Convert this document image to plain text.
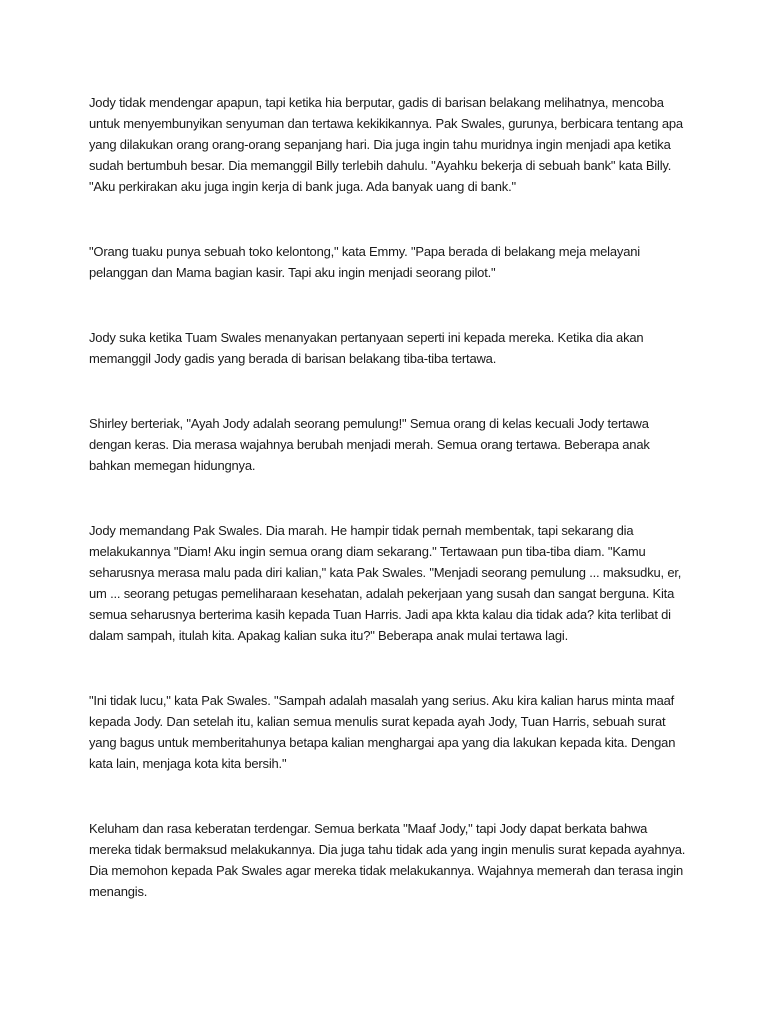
Jody tidak mendengar apapun, tapi ketika hia berputar, gadis di barisan belakang melihatnya, mencoba untuk menyembunyikan senyuman dan tertawa kekikikannya. Pak Swales, gurunya, berbicara tentang apa yang dilakukan orang orang-orang sepanjang hari. Dia juga ingin tahu muridnya ingin menjadi apa ketika sudah bertumbuh besar. Dia memanggil Billy terlebih dahulu. "Ayahku bekerja di sebuah bank" kata Billy. "Aku perkirakan aku juga ingin kerja di bank juga. Ada banyak uang di bank."

"Orang tuaku punya sebuah toko kelontong," kata Emmy. "Papa berada di belakang meja melayani pelanggan dan Mama bagian kasir. Tapi aku ingin menjadi seorang pilot."

Jody suka ketika Tuam Swales menanyakan pertanyaan seperti ini kepada mereka. Ketika dia akan memanggil Jody gadis yang berada di barisan belakang tiba-tiba tertawa.

Shirley berteriak, "Ayah Jody adalah seorang pemulung!" Semua orang di kelas kecuali Jody tertawa dengan keras. Dia merasa wajahnya berubah menjadi merah. Semua orang tertawa. Beberapa anak bahkan memegan hidungnya.

Jody memandang Pak Swales. Dia marah. He hampir tidak pernah membentak, tapi sekarang dia melakukannya "Diam! Aku ingin semua orang diam sekarang." Tertawaan pun tiba-tiba diam. "Kamu seharusnya merasa malu pada diri kalian," kata Pak Swales. "Menjadi seorang pemulung ... maksudku, er, um ... seorang petugas pemeliharaan kesehatan, adalah pekerjaan yang susah dan sangat berguna. Kita semua seharusnya berterima kasih kepada Tuan Harris. Jadi apa kkta kalau dia tidak ada? kita terlibat di dalam sampah, itulah kita. Apakag kalian suka itu?" Beberapa anak mulai tertawa lagi.

"Ini tidak lucu," kata Pak Swales. "Sampah adalah masalah yang serius. Aku kira kalian harus minta maaf kepada Jody. Dan setelah itu, kalian semua menulis surat kepada ayah Jody, Tuan Harris, sebuah surat yang bagus untuk memberitahunya betapa kalian menghargai apa yang dia lakukan kepada kita. Dengan kata lain, menjaga kota kita bersih."

Keluham dan rasa keberatan terdengar. Semua berkata "Maaf Jody," tapi Jody dapat berkata bahwa mereka tidak bermaksud melakukannya. Dia juga tahu tidak ada yang ingin menulis surat kepada ayahnya. Dia memohon kepada Pak Swales agar mereka tidak melakukannya. Wajahnya memerah dan terasa ingin menangis.
